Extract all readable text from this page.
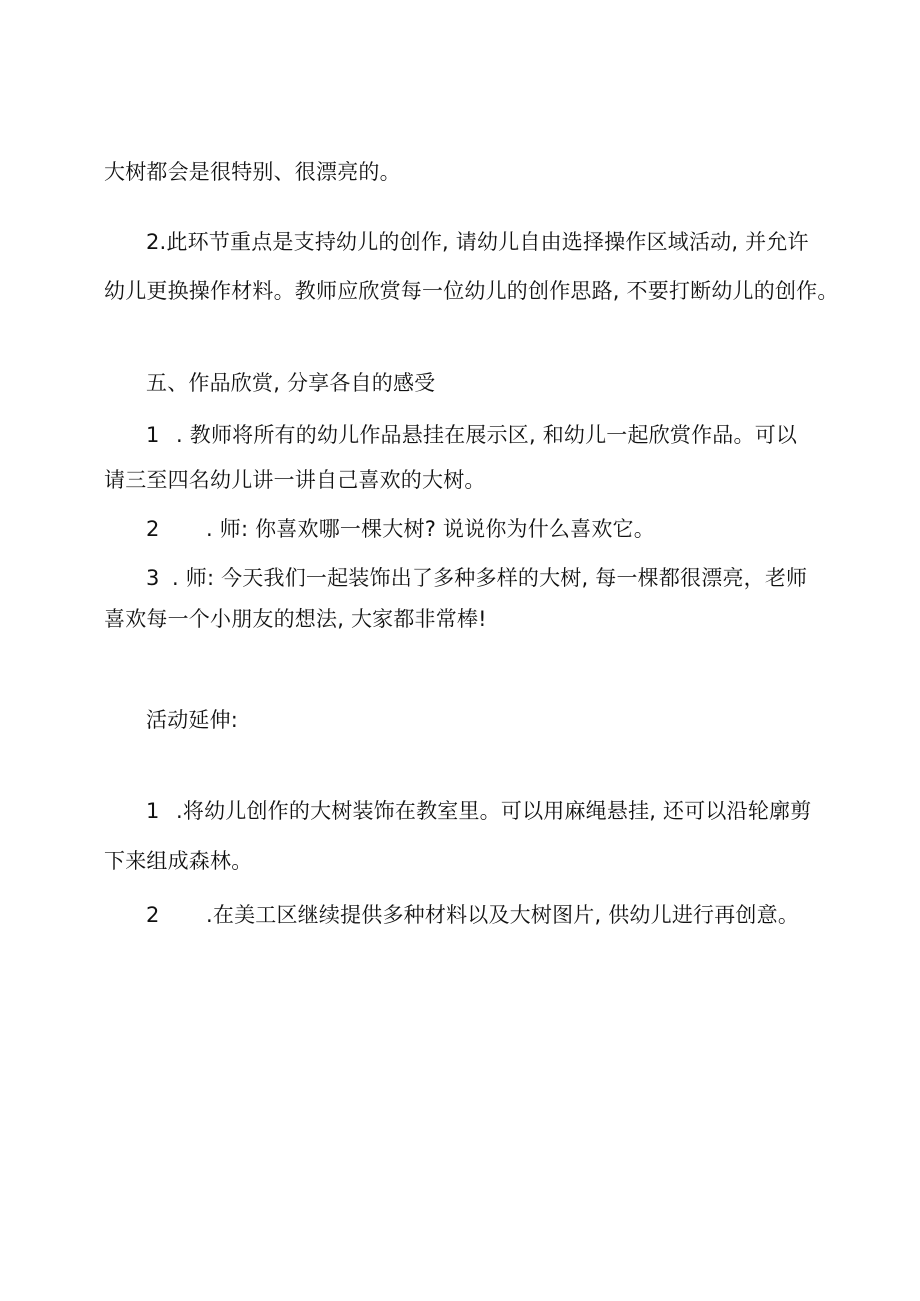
大树都会是很特别、很漂亮的。
2.此环节重点是支持幼儿的创作, 请幼儿自由选择操作区域活动, 并允许
幼儿更换操作材料。教师应欣赏每一位幼儿的创作思路, 不要打断幼儿的创作。
五、作品欣赏, 分享各自的感受
1 . 教师将所有的幼儿作品悬挂在展示区, 和幼儿一起欣赏作品。可以
请三至四名幼儿讲一讲自己喜欢的大树。
2 . 师: 你喜欢哪一棵大树? 说说你为什么喜欢它。
3 . 师: 今天我们一起装饰出了多种多样的大树, 每一棵都很漂亮，老师
喜欢每一个小朋友的想法, 大家都非常棒!
活动延伸:
1 .将幼儿创作的大树装饰在教室里。可以用麻绳悬挂, 还可以沿轮廓剪
下来组成森林。
2 .在美工区继续提供多种材料以及大树图片, 供幼儿进行再创意。
